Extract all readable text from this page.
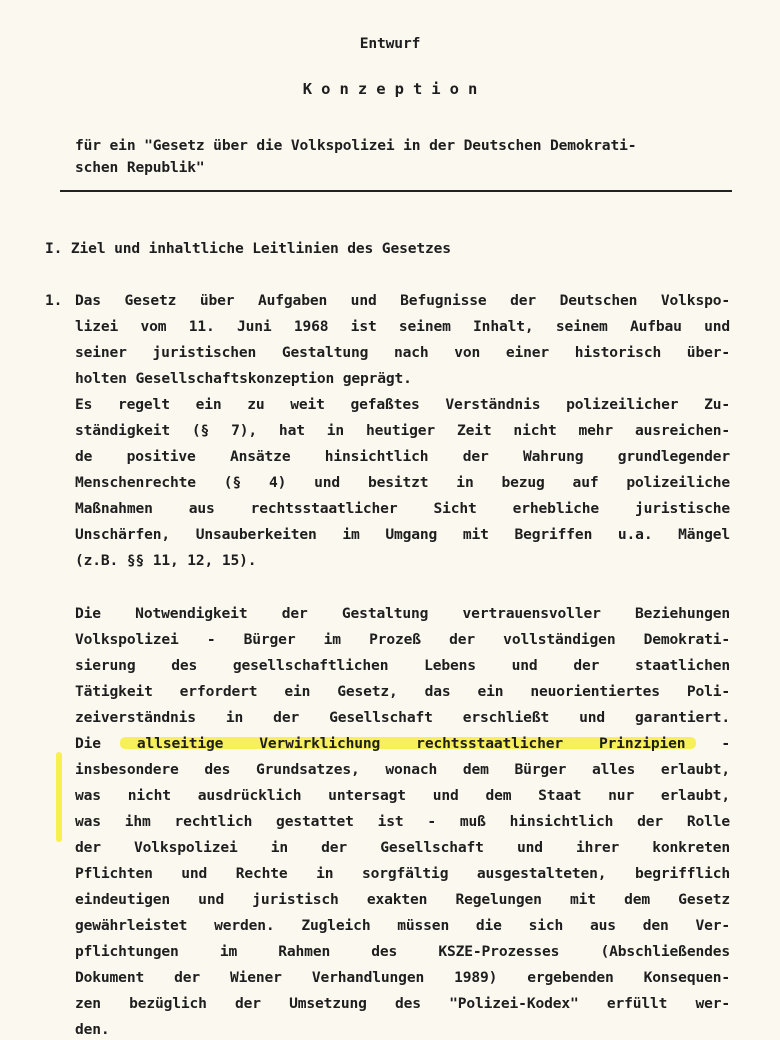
Entwurf
K o n z e p t i o n
für ein "Gesetz über die Volkspolizei in der Deutschen Demokrati-
schen Republik"
I. Ziel und inhaltliche Leitlinien des Gesetzes
1. Das Gesetz über Aufgaben und Befugnisse der Deutschen Volkspo-
lizei vom 11. Juni 1968 ist seinem Inhalt, seinem Aufbau und
seiner juristischen Gestaltung nach von einer historisch über-
holten Gesellschaftskonzeption geprägt.
Es regelt ein zu weit gefaßtes Verständnis polizeilicher Zu-
ständigkeit (§ 7), hat in heutiger Zeit nicht mehr ausreichen-
de positive Ansätze hinsichtlich der Wahrung grundlegender
Menschenrechte (§ 4) und besitzt in bezug auf polizeiliche
Maßnahmen aus rechtsstaatlicher Sicht erhebliche juristische
Unschärfen, Unsauberkeiten im Umgang mit Begriffen u.a. Mängel
(z.B. §§ 11, 12, 15).
Die Notwendigkeit der Gestaltung vertrauensvoller Beziehungen
Volkspolizei - Bürger im Prozeß der vollständigen Demokrati-
sierung des gesellschaftlichen Lebens und der staatlichen
Tätigkeit erfordert ein Gesetz, das ein neuorientiertes Poli-
zeiverständnis in der Gesellschaft erschließt und garantiert.
Die allseitige Verwirklichung rechtsstaatlicher Prinzipien -
insbesondere des Grundsatzes, wonach dem Bürger alles erlaubt,
was nicht ausdrücklich untersagt und dem Staat nur erlaubt,
was ihm rechtlich gestattet ist - muß hinsichtlich der Rolle
der Volkspolizei in der Gesellschaft und ihrer konkreten
Pflichten und Rechte in sorgfältig ausgestalteten, begrifflich
eindeutigen und juristisch exakten Regelungen mit dem Gesetz
gewährleistet werden. Zugleich müssen die sich aus den Ver-
pflichtungen im Rahmen des KSZE-Prozesses (Abschließendes
Dokument der Wiener Verhandlungen 1989) ergebenden Konsequen-
zen bezüglich der Umsetzung des "Polizei-Kodex" erfüllt wer-
den.
